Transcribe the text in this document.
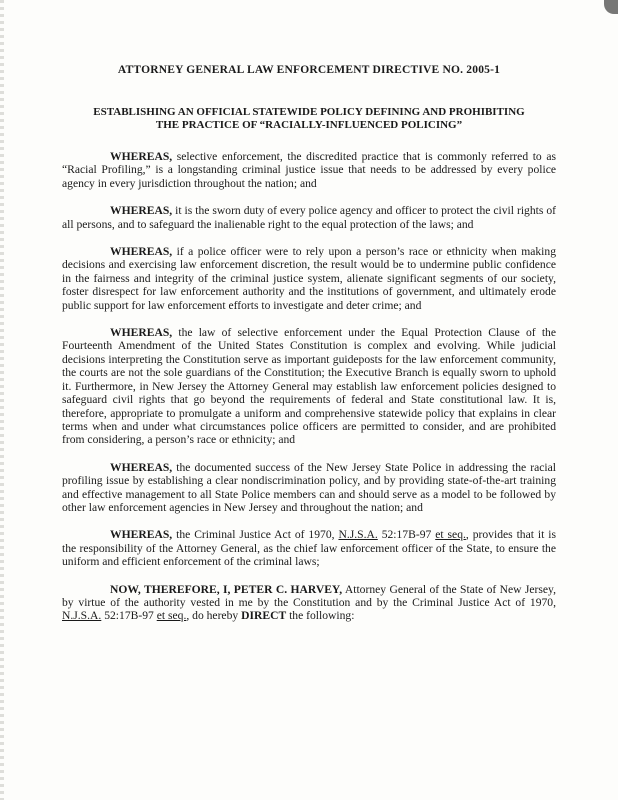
ATTORNEY GENERAL LAW ENFORCEMENT DIRECTIVE NO. 2005-1
ESTABLISHING AN OFFICIAL STATEWIDE POLICY DEFINING AND PROHIBITING
THE PRACTICE OF “RACIALLY-INFLUENCED POLICING”

WHEREAS, selective enforcement, the discredited practice that is commonly referred to as “Racial Profiling,” is a longstanding criminal justice issue that needs to be addressed by every police agency in every jurisdiction throughout the nation; and

WHEREAS, it is the sworn duty of every police agency and officer to protect the civil rights of all persons, and to safeguard the inalienable right to the equal protection of the laws; and

WHEREAS, if a police officer were to rely upon a person’s race or ethnicity when making decisions and exercising law enforcement discretion, the result would be to undermine public confidence in the fairness and integrity of the criminal justice system, alienate significant segments of our society, foster disrespect for law enforcement authority and the institutions of government, and ultimately erode public support for law enforcement efforts to investigate and deter crime; and

WHEREAS, the law of selective enforcement under the Equal Protection Clause of the Fourteenth Amendment of the United States Constitution is complex and evolving. While judicial decisions interpreting the Constitution serve as important guideposts for the law enforcement community, the courts are not the sole guardians of the Constitution; the Executive Branch is equally sworn to uphold it. Furthermore, in New Jersey the Attorney General may establish law enforcement policies designed to safeguard civil rights that go beyond the requirements of federal and State constitutional law. It is, therefore, appropriate to promulgate a uniform and comprehensive statewide policy that explains in clear terms when and under what circumstances police officers are permitted to consider, and are prohibited from considering, a person’s race or ethnicity; and

WHEREAS, the documented success of the New Jersey State Police in addressing the racial profiling issue by establishing a clear nondiscrimination policy, and by providing state-of-the-art training and effective management to all State Police members can and should serve as a model to be followed by other law enforcement agencies in New Jersey and throughout the nation; and

WHEREAS, the Criminal Justice Act of 1970, N.J.S.A. 52:17B-97 et seq., provides that it is the responsibility of the Attorney General, as the chief law enforcement officer of the State, to ensure the uniform and efficient enforcement of the criminal laws;

NOW, THEREFORE, I, PETER C. HARVEY, Attorney General of the State of New Jersey, by virtue of the authority vested in me by the Constitution and by the Criminal Justice Act of 1970, N.J.S.A. 52:17B-97 et seq., do hereby DIRECT the following:
